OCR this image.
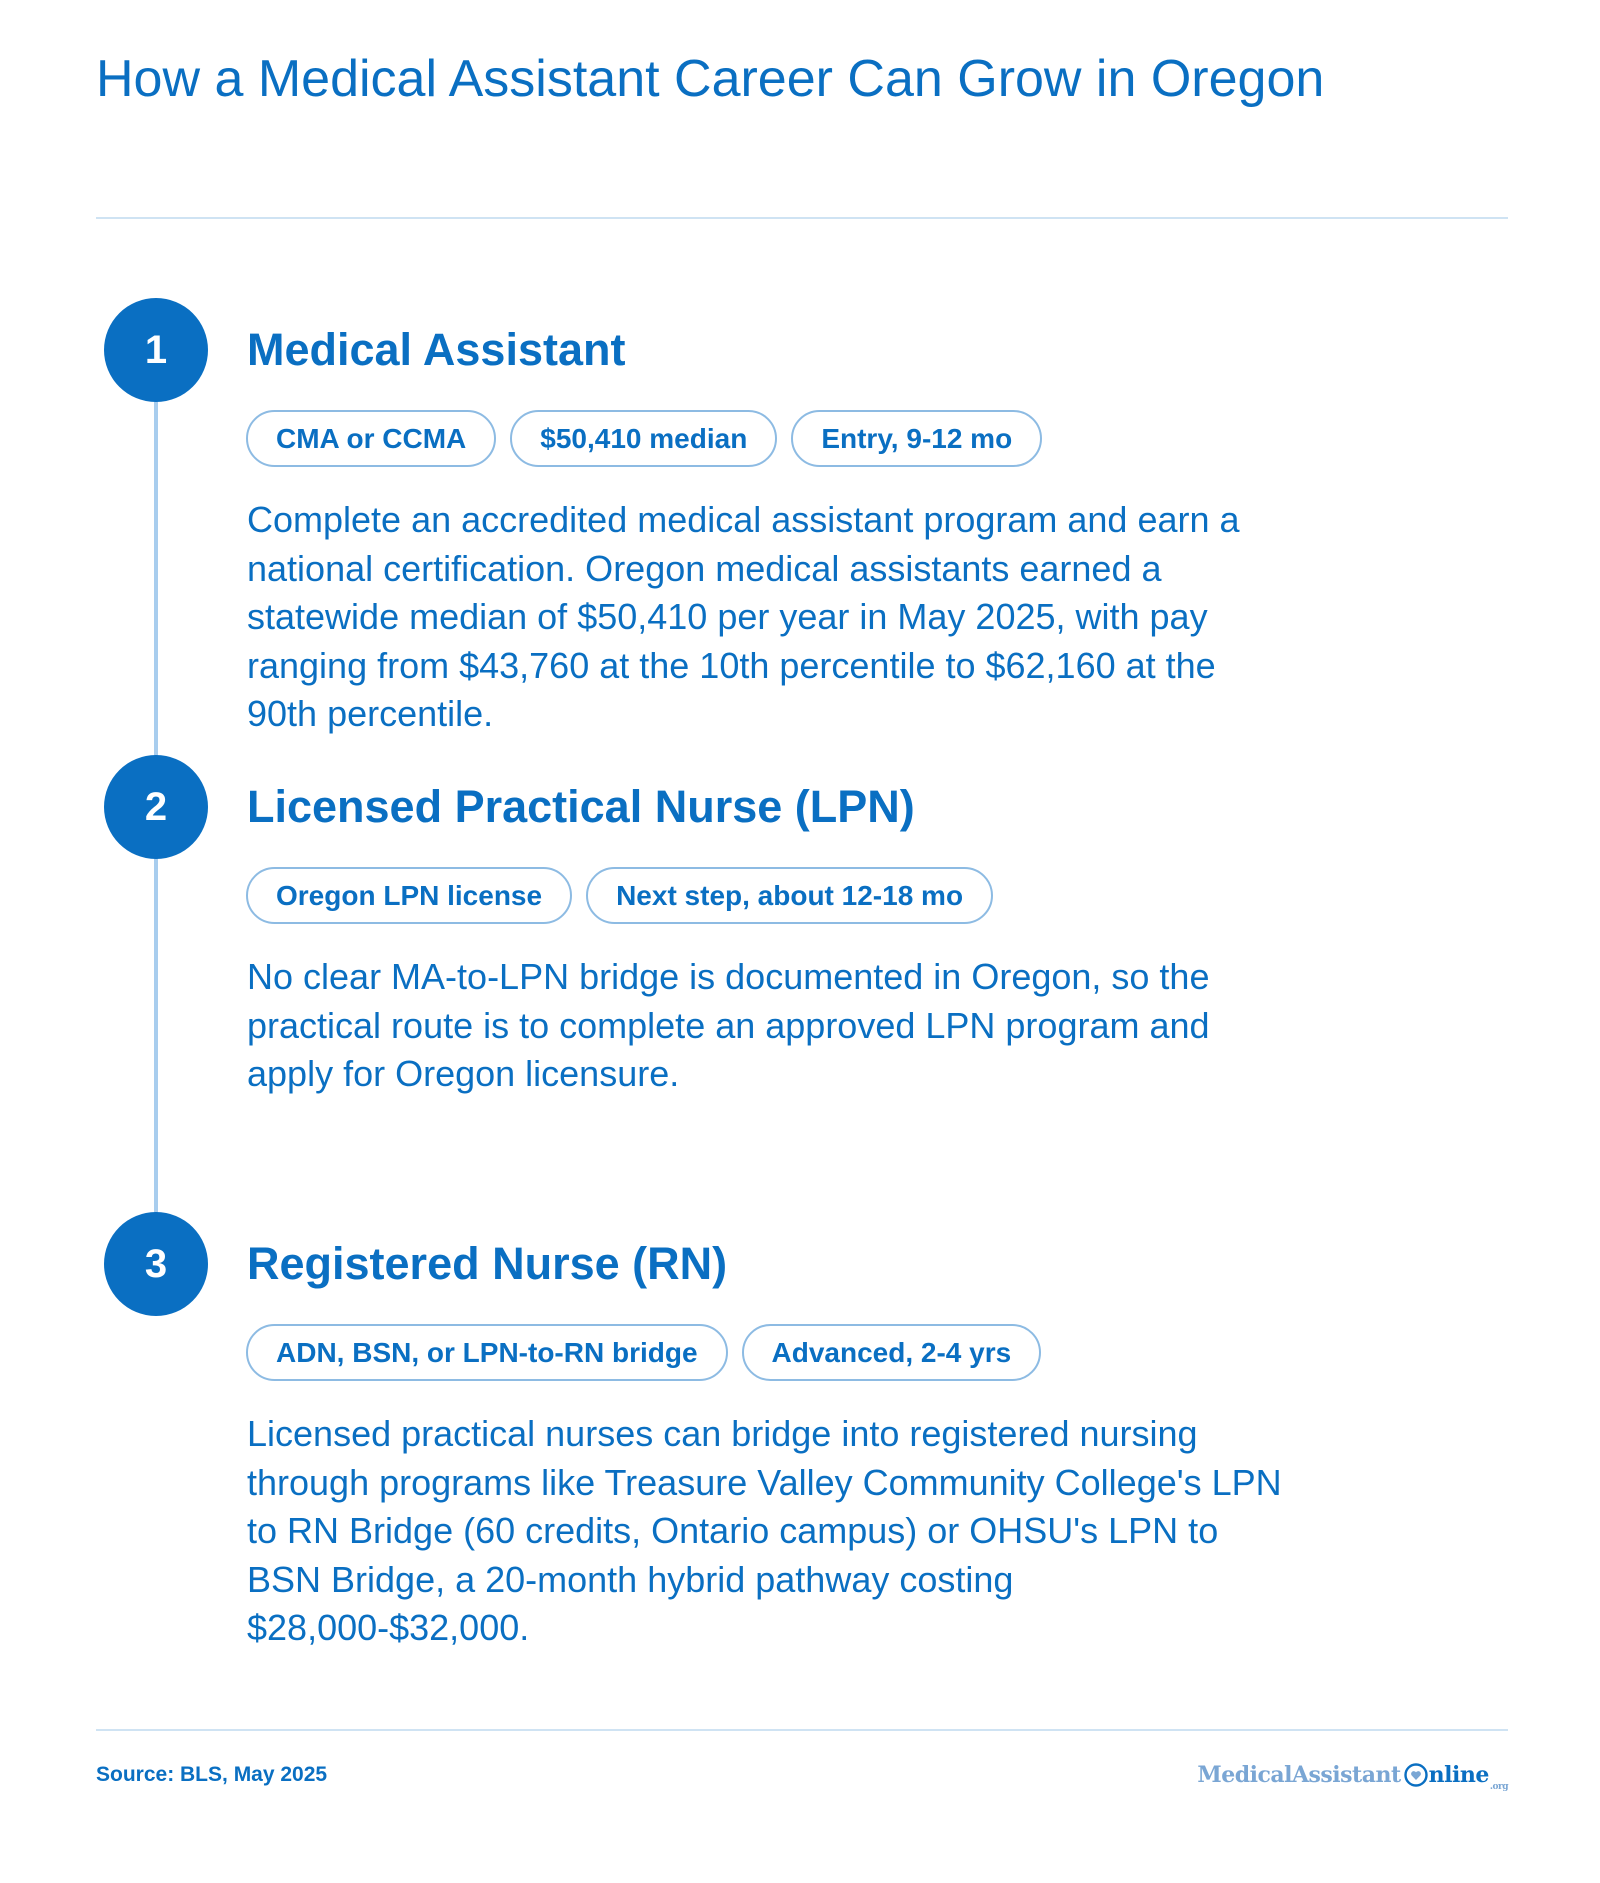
How a Medical Assistant Career Can Grow in Oregon
1	Medical Assistant
CMA or CCMA	$50,410 median	Entry, 9-12 mo

Complete an accredited medical assistant program and earn a national certification. Oregon medical assistants earned a statewide median of $50,410 per year in May 2025, with pay ranging from $43,760 at the 10th percentile to $62,160 at the 90th percentile.

2	Licensed Practical Nurse (LPN)
Oregon LPN license	Next step, about 12-18 mo

No clear MA-to-LPN bridge is documented in Oregon, so the practical route is to complete an approved LPN program and apply for Oregon licensure.

3	Registered Nurse (RN)
ADN, BSN, or LPN-to-RN bridge	Advanced, 2-4 yrs

Licensed practical nurses can bridge into registered nursing through programs like Treasure Valley Community College's LPN to RN Bridge (60 credits, Ontario campus) or OHSU's LPN to BSN Bridge, a 20-month hybrid pathway costing $28,000-$32,000.

Source: BLS, May 2025	MedicalAssistant nline .org
